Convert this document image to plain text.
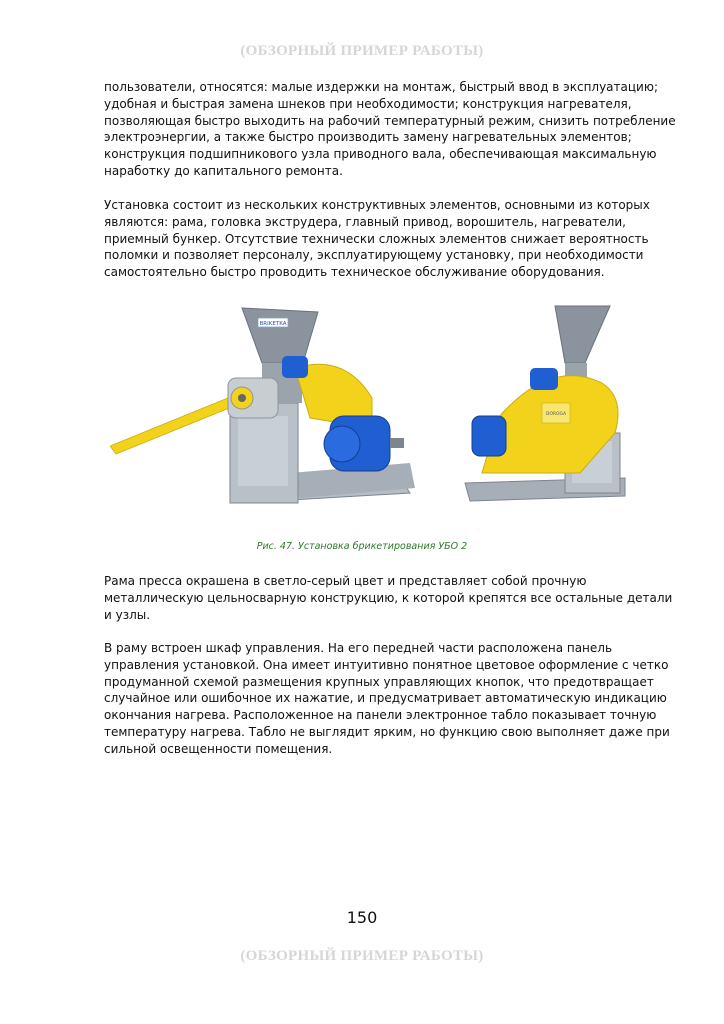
(ОБЗОРНЫЙ ПРИМЕР РАБОТЫ)

пользователи, относятся: малые издержки на монтаж, быстрый ввод в эксплуатацию; удобная и быстрая замена шнеков при необходимости; конструкция нагревателя, позволяющая быстро выходить на рабочий температурный режим, снизить потребление электроэнергии, а также быстро производить замену нагревательных элементов; конструкция подшипникового узла приводного вала, обеспечивающая максимальную наработку до капитального ремонта.

Установка состоит из нескольких конструктивных элементов, основными из которых являются: рама, головка экструдера, главный привод, ворошитель, нагреватели, приемный бункер. Отсутствие технически сложных элементов снижает вероятность поломки и позволяет персоналу, эксплуатирующему установку, при необходимости самостоятельно быстро проводить техническое обслуживание оборудования.

BRIKETKA
DOROGA
Рис. 47. Установка брикетирования УБО 2

Рама пресса окрашена в светло-серый цвет и представляет собой прочную металлическую цельносварную конструкцию, к которой крепятся все остальные детали и узлы.

В раму встроен шкаф управления. На его передней части расположена панель управления установкой. Она имеет интуитивно понятное цветовое оформление с четко продуманной схемой размещения крупных управляющих кнопок, что предотвращает случайное или ошибочное их нажатие, и предусматривает автоматическую индикацию окончания нагрева. Расположенное на панели электронное табло показывает точную температуру нагрева. Табло не выглядит ярким, но функцию свою выполняет даже при сильной освещенности помещения.

150
(ОБЗОРНЫЙ ПРИМЕР РАБОТЫ)
